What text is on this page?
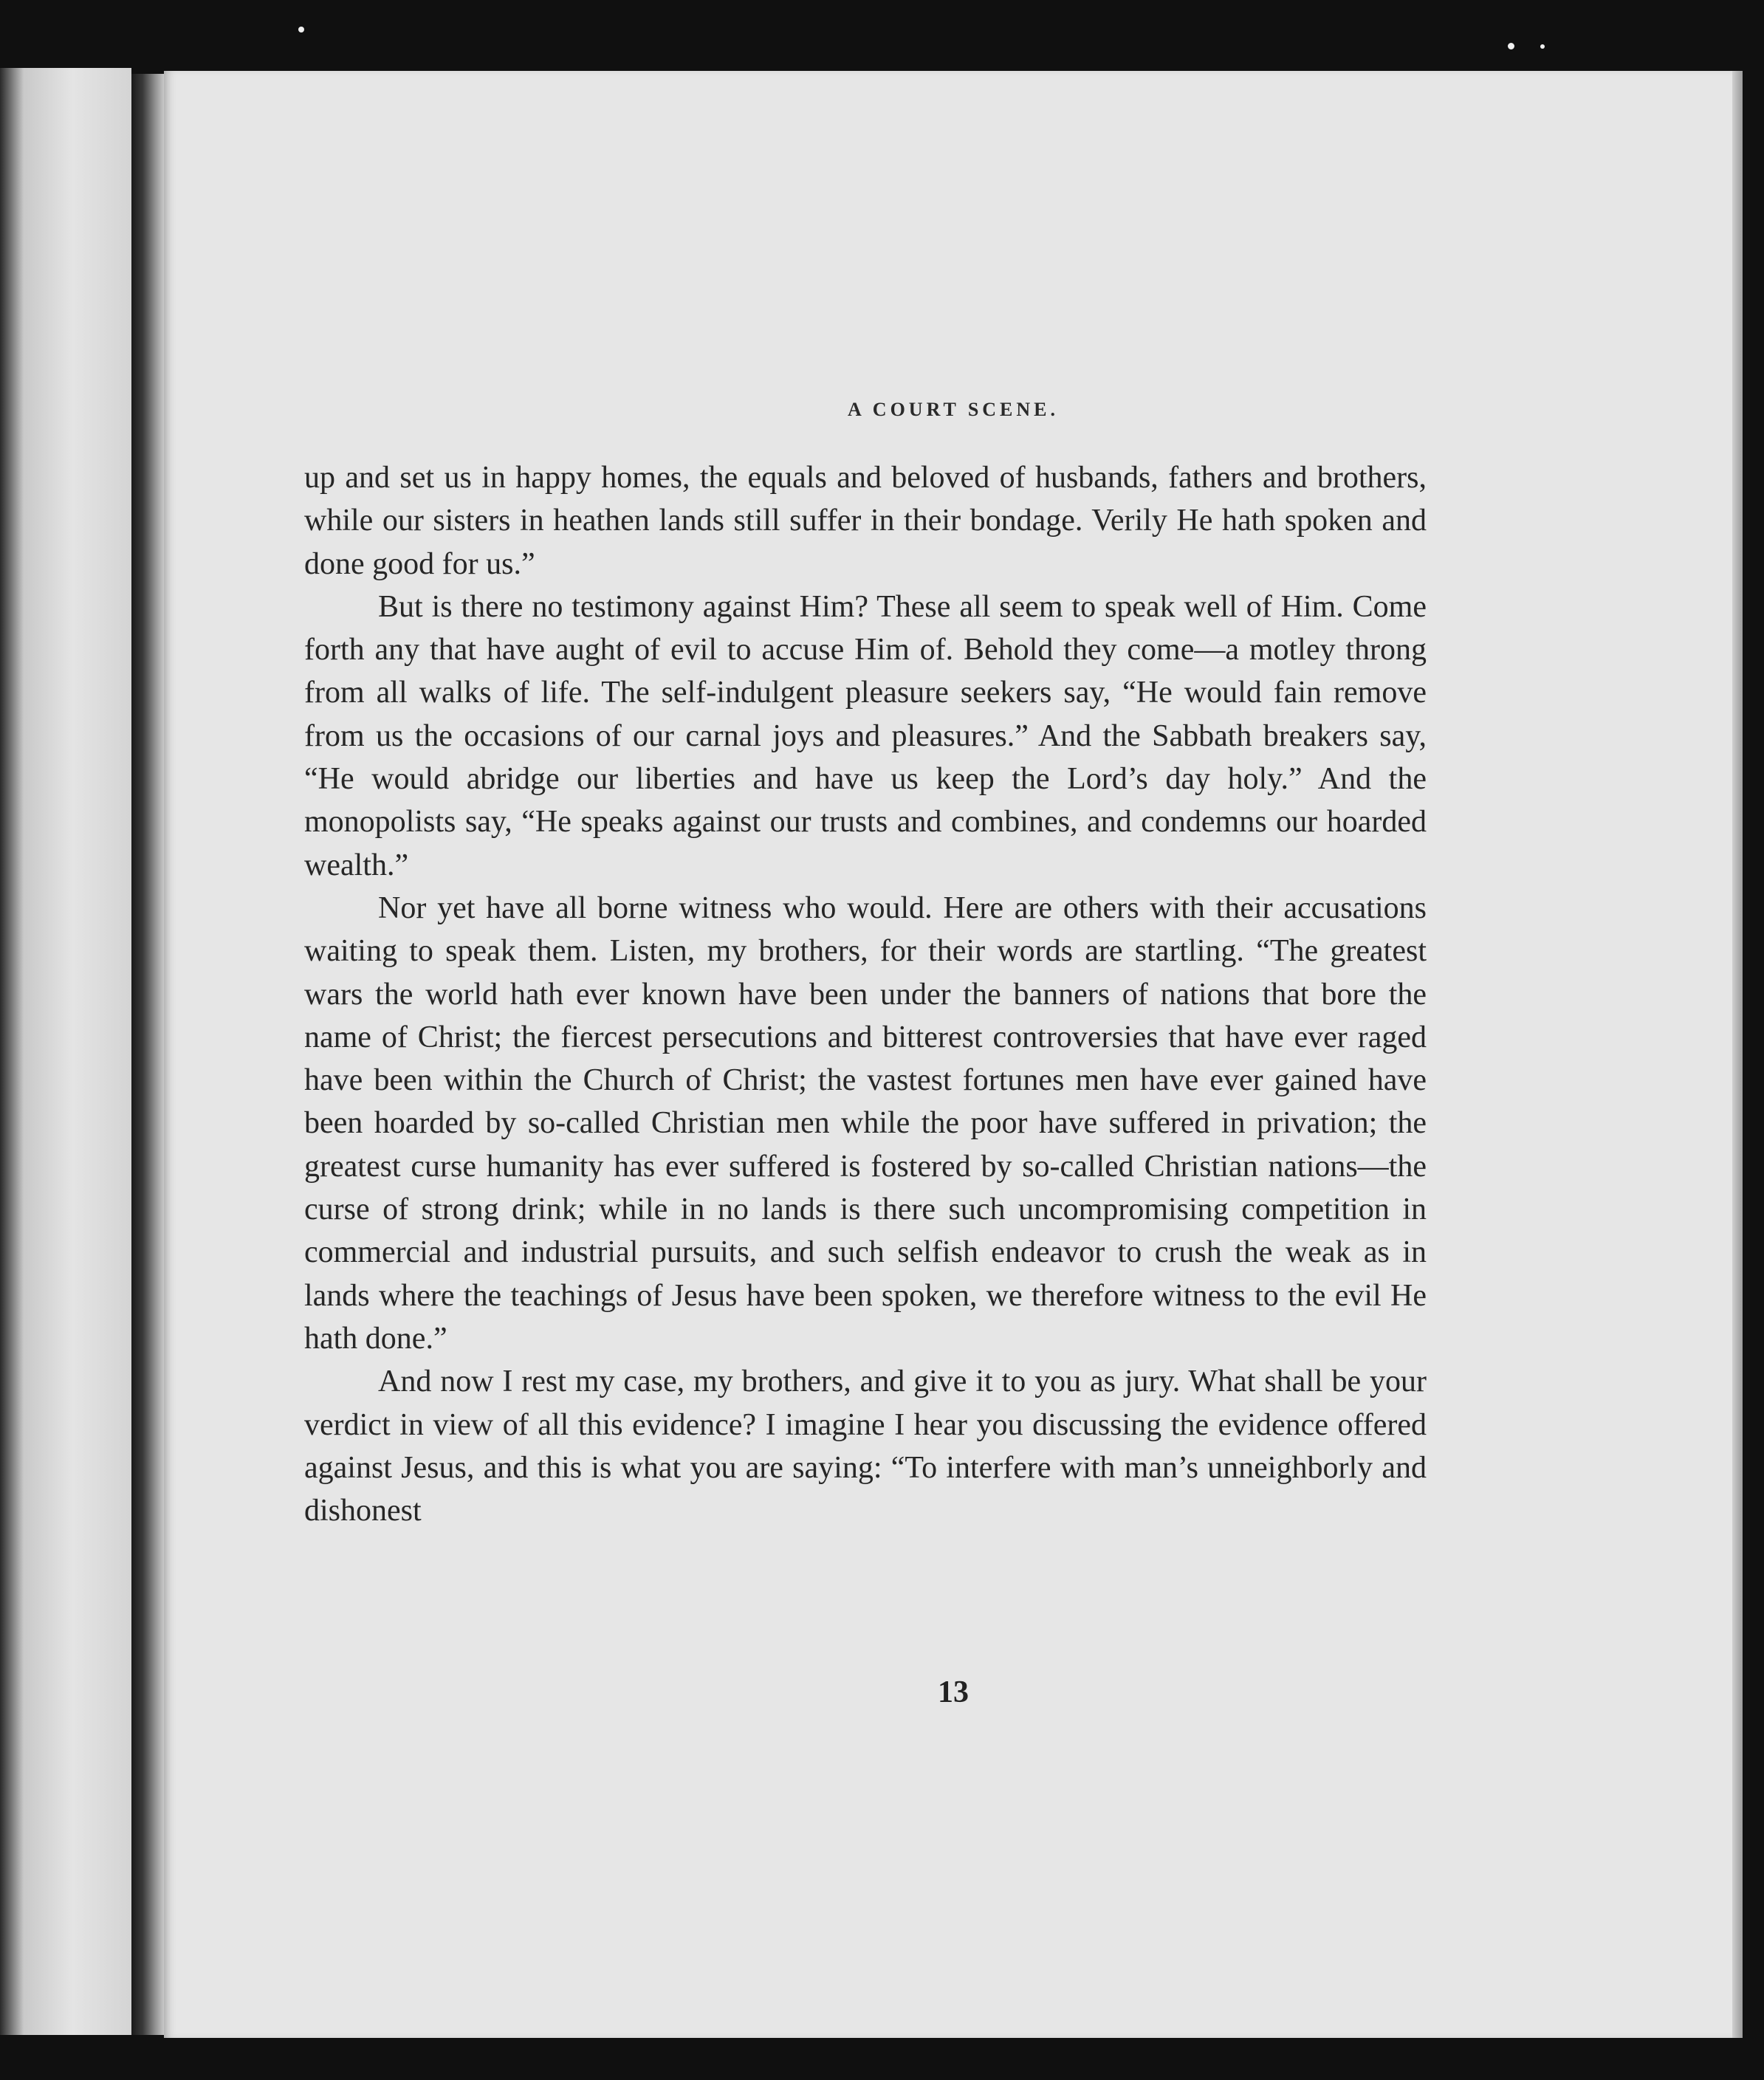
A COURT SCENE.

up and set us in happy homes, the equals and beloved of husbands, fathers and brothers, while our sisters in heathen lands still suffer in their bondage. Verily He hath spoken and done good for us.”

But is there no testimony against Him? These all seem to speak well of Him. Come forth any that have aught of evil to accuse Him of. Behold they come—a motley throng from all walks of life. The self-indulgent pleasure seekers say, “He would fain remove from us the occasions of our carnal joys and pleasures.” And the Sabbath breakers say, “He would abridge our liberties and have us keep the Lord’s day holy.” And the monopolists say, “He speaks against our trusts and combines, and condemns our hoarded wealth.”

Nor yet have all borne witness who would. Here are others with their accusations waiting to speak them. Listen, my brothers, for their words are startling. “The greatest wars the world hath ever known have been under the banners of nations that bore the name of Christ; the fiercest persecutions and bitterest controversies that have ever raged have been within the Church of Christ; the vastest fortunes men have ever gained have been hoarded by so-called Christian men while the poor have suffered in privation; the greatest curse humanity has ever suffered is fostered by so-called Christian nations—the curse of strong drink; while in no lands is there such uncompromising competition in commercial and industrial pursuits, and such selfish endeavor to crush the weak as in lands where the teachings of Jesus have been spoken, we therefore witness to the evil He hath done.”

And now I rest my case, my brothers, and give it to you as jury. What shall be your verdict in view of all this evidence? I imagine I hear you discussing the evidence offered against Jesus, and this is what you are saying: “To interfere with man’s unneighborly and dishonest

13
